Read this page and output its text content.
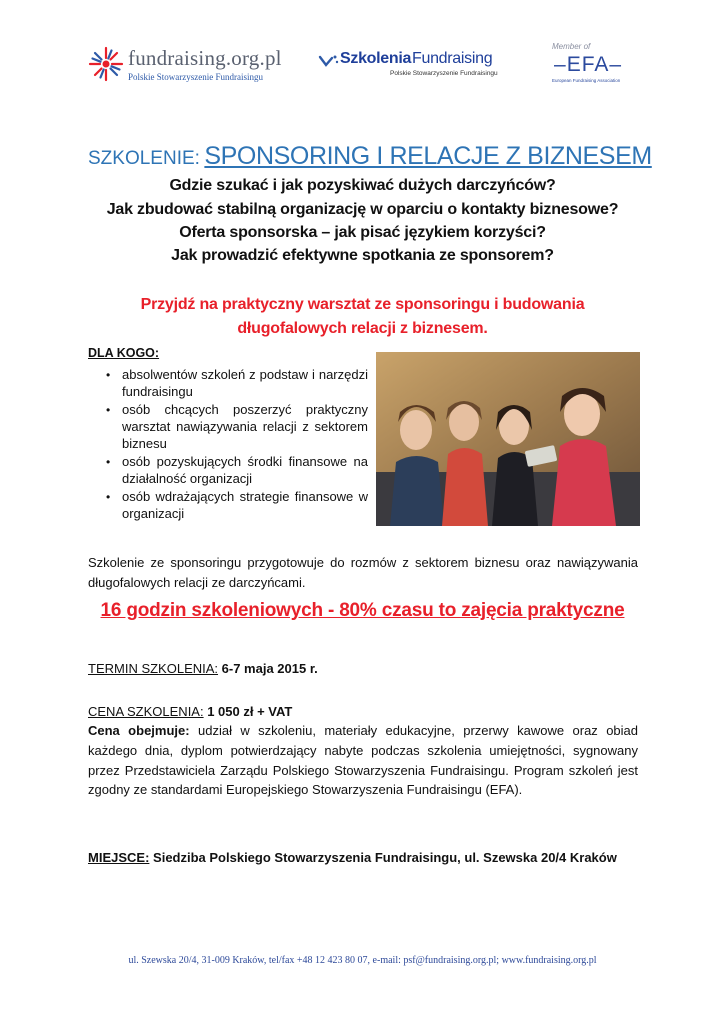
fundraising.org.pl
Polskie Stowarzyszenie Fundraisingu
Szkolenia Fundraising
Polskie Stowarzyszenie Fundraisingu
Member of
–EFA–
European Fundraising Association
SZKOLENIE: SPONSORING I RELACJE Z BIZNESEM
Gdzie szukać i jak pozyskiwać dużych darczyńców?
Jak zbudować stabilną organizację w oparciu o kontakty biznesowe?
Oferta sponsorska – jak pisać językiem korzyści?
Jak prowadzić efektywne spotkania ze sponsorem?
Przyjdź na praktyczny warsztat ze sponsoringu i budowania
długofalowych relacji z biznesem.
DLA KOGO:
• absolwentów szkoleń z podstaw i narzędzi fundraisingu
• osób chcących poszerzyć praktyczny warsztat nawiązywania relacji z sektorem biznesu
• osób pozyskujących środki finansowe na działalność organizacji
• osób wdrażających strategie finansowe w organizacji
Szkolenie ze sponsoringu przygotowuje do rozmów z sektorem biznesu oraz nawiązywania długofalowych relacji ze darczyńcami.
16 godzin szkoleniowych - 80% czasu to zajęcia praktyczne
TERMIN SZKOLENIA: 6-7 maja 2015 r.
CENA SZKOLENIA: 1 050 zł + VAT
Cena obejmuje: udział w szkoleniu, materiały edukacyjne, przerwy kawowe oraz obiad każdego dnia, dyplom potwierdzający nabyte podczas szkolenia umiejętności, sygnowany przez Przedstawiciela Zarządu Polskiego Stowarzyszenia Fundraisingu. Program szkoleń jest zgodny ze standardami Europejskiego Stowarzyszenia Fundraisingu (EFA).
MIEJSCE: Siedziba Polskiego Stowarzyszenia Fundraisingu, ul. Szewska 20/4 Kraków
ul. Szewska 20/4, 31-009 Kraków, tel/fax +48 12 423 80 07, e-mail: psf@fundraising.org.pl; www.fundraising.org.pl
